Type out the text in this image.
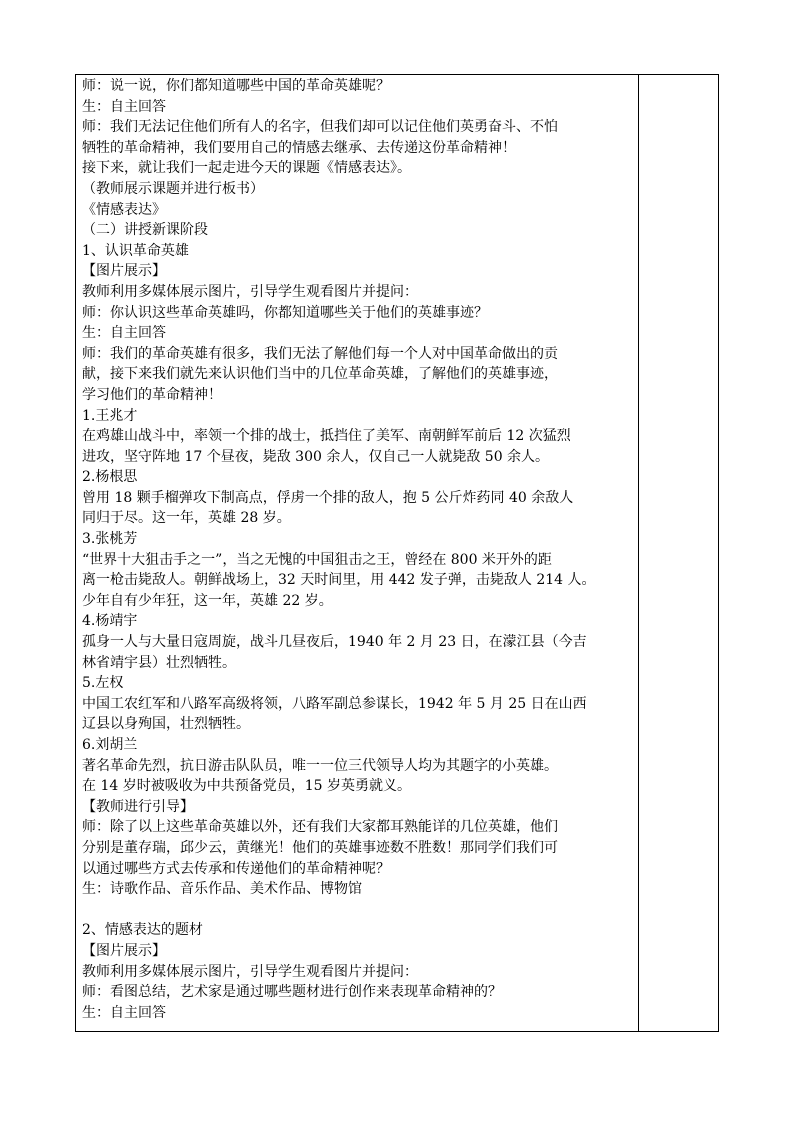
师：说一说，你们都知道哪些中国的革命英雄呢？
生：自主回答
师：我们无法记住他们所有人的名字，但我们却可以记住他们英勇奋斗、不怕
牺牲的革命精神，我们要用自己的情感去继承、去传递这份革命精神！
接下来，就让我们一起走进今天的课题《情感表达》。
（教师展示课题并进行板书）
《情感表达》
（二）讲授新课阶段
1、认识革命英雄
【图片展示】
教师利用多媒体展示图片，引导学生观看图片并提问：
师：你认识这些革命英雄吗，你都知道哪些关于他们的英雄事迹？
生：自主回答
师：我们的革命英雄有很多，我们无法了解他们每一个人对中国革命做出的贡
献，接下来我们就先来认识他们当中的几位革命英雄，了解他们的英雄事迹，
学习他们的革命精神！
1.王兆才
在鸡雄山战斗中，率领一个排的战士，抵挡住了美军、南朝鲜军前后 12 次猛烈
进攻，坚守阵地 17 个昼夜，毙敌 300 余人，仅自己一人就毙敌 50 余人。
2.杨根思
曾用 18 颗手榴弹攻下制高点，俘虏一个排的敌人，抱 5 公斤炸药同 40 余敌人
同归于尽。这一年，英雄 28 岁。
3.张桃芳
“世界十大狙击手之一”，当之无愧的中国狙击之王，曾经在 800 米开外的距
离一枪击毙敌人。朝鲜战场上，32 天时间里，用 442 发子弹，击毙敌人 214 人。
少年自有少年狂，这一年，英雄 22 岁。
4.杨靖宇
孤身一人与大量日寇周旋，战斗几昼夜后，1940 年 2 月 23 日，在濛江县（今吉
林省靖宇县）壮烈牺牲。
5.左权
中国工农红军和八路军高级将领，八路军副总参谋长，1942 年 5 月 25 日在山西
辽县以身殉国，壮烈牺牲。
6.刘胡兰
著名革命先烈，抗日游击队队员，唯一一位三代领导人均为其题字的小英雄。
在 14 岁时被吸收为中共预备党员，15 岁英勇就义。
【教师进行引导】
师：除了以上这些革命英雄以外，还有我们大家都耳熟能详的几位英雄，他们
分别是董存瑞，邱少云，黄继光！他们的英雄事迹数不胜数！那同学们我们可
以通过哪些方式去传承和传递他们的革命精神呢？
生：诗歌作品、音乐作品、美术作品、博物馆
2、情感表达的题材
【图片展示】
教师利用多媒体展示图片，引导学生观看图片并提问：
师：看图总结，艺术家是通过哪些题材进行创作来表现革命精神的？
生：自主回答
